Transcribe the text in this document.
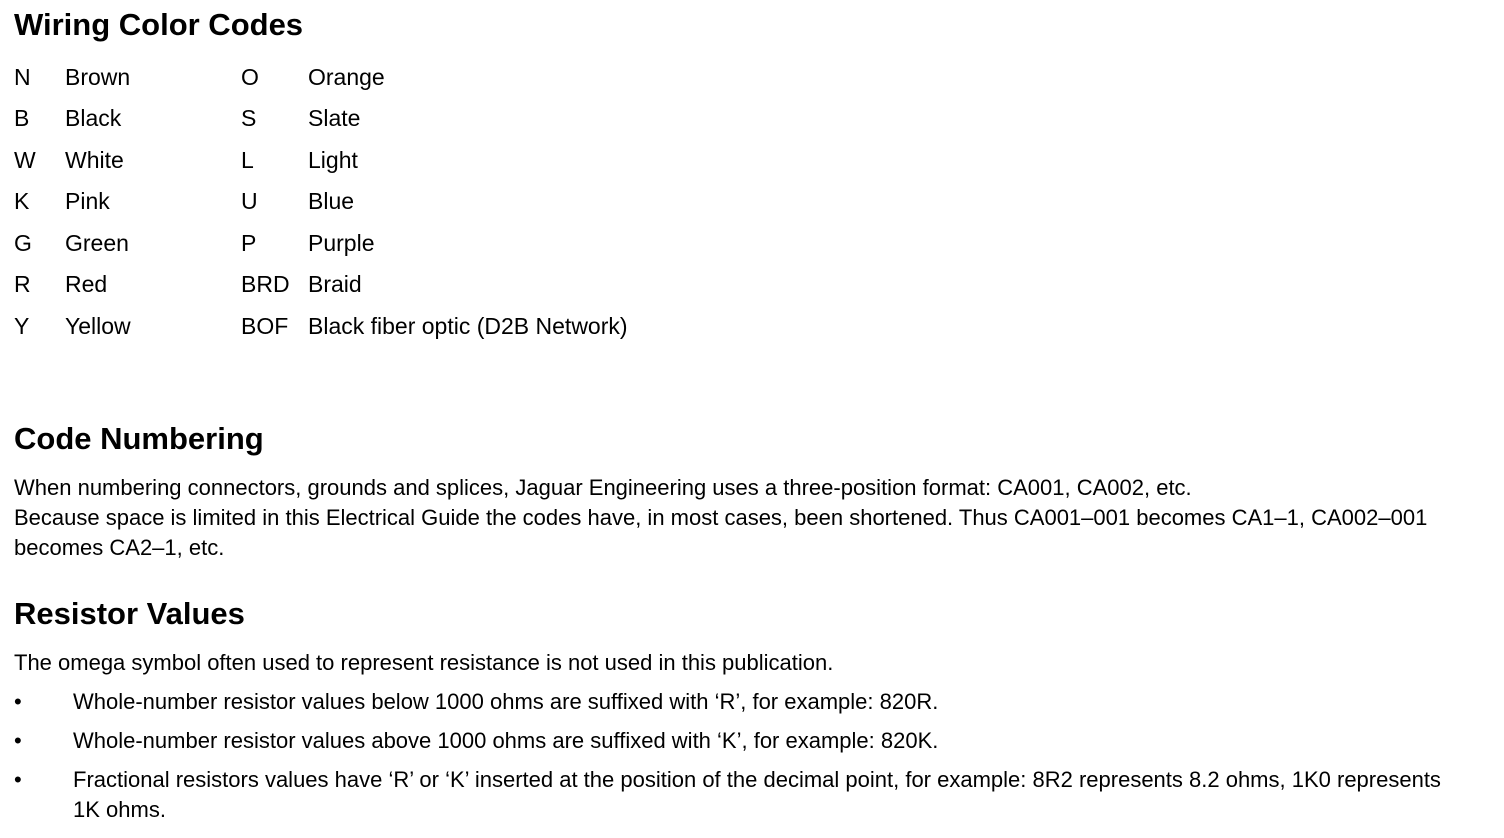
Wiring Color Codes
N Brown	O Orange
B Black	S Slate
W White	L Light
K Pink	U Blue
G Green	P Purple
R Red	BRD Braid
Y Yellow	BOF Black fiber optic (D2B Network)
Code Numbering

When numbering connectors, grounds and splices, Jaguar Engineering uses a three-position format: CA001, CA002, etc.

Because space is limited in this Electrical Guide the codes have, in most cases, been shortened. Thus CA001–001 becomes CA1–1, CA002–001 becomes CA2–1, etc.

Resistor Values

The omega symbol often used to represent resistance is not used in this publication.

• Whole-number resistor values below 1000 ohms are suffixed with ‘R’, for example: 820R.
• Whole-number resistor values above 1000 ohms are suffixed with ‘K’, for example: 820K.
• Fractional resistors values have ‘R’ or ‘K’ inserted at the position of the decimal point, for example: 8R2 represents 8.2 ohms, 1K0 represents 1K ohms.
